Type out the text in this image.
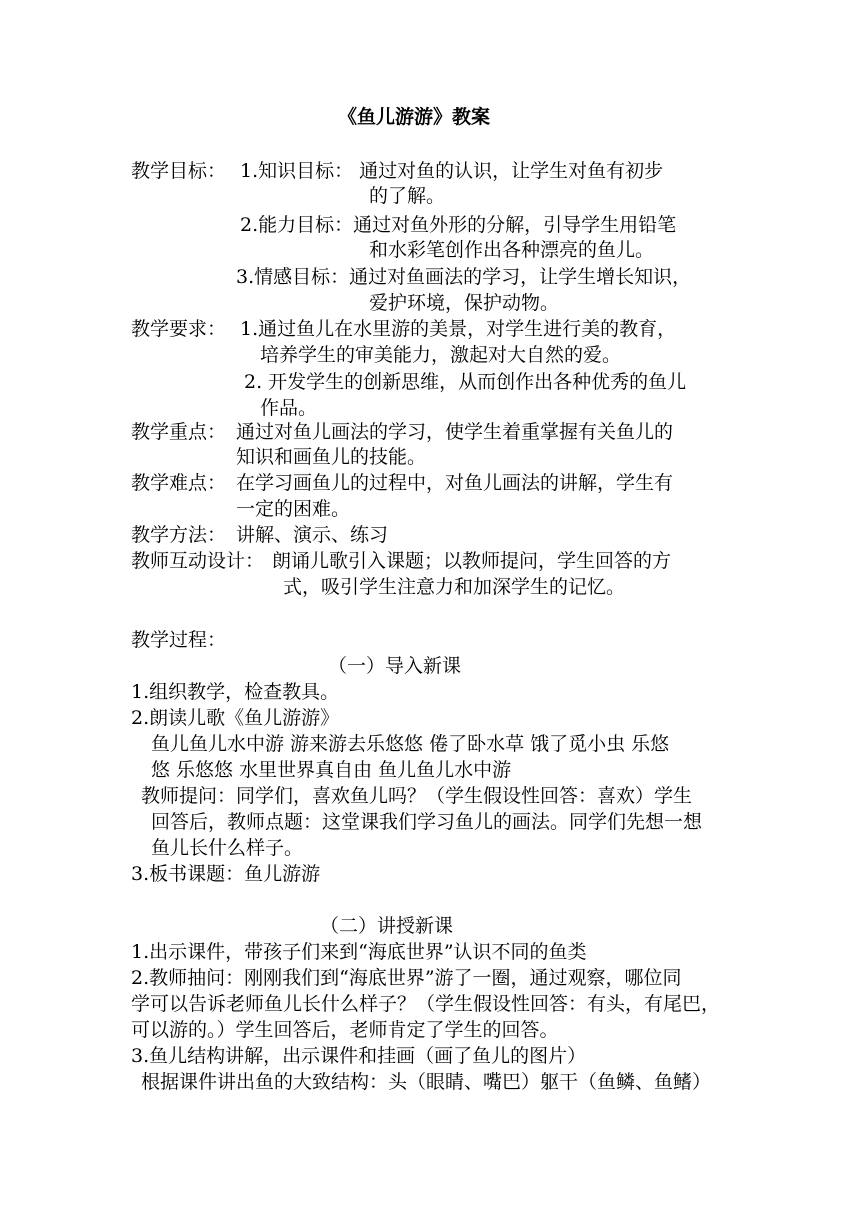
《鱼儿游游》教案
教学目标： 1.知识目标： 通过对鱼的认识，让学生对鱼有初步
的了解。
2.能力目标：通过对鱼外形的分解，引导学生用铅笔
和水彩笔创作出各种漂亮的鱼儿。
3.情感目标：通过对鱼画法的学习，让学生增长知识，
爱护环境，保护动物。
教学要求： 1.通过鱼儿在水里游的美景，对学生进行美的教育，
培养学生的审美能力，激起对大自然的爱。
2. 开发学生的创新思维，从而创作出各种优秀的鱼儿
作品。
教学重点： 通过对鱼儿画法的学习，使学生着重掌握有关鱼儿的
知识和画鱼儿的技能。
教学难点： 在学习画鱼儿的过程中，对鱼儿画法的讲解，学生有
一定的困难。
教学方法： 讲解、演示、练习
教师互动设计： 朗诵儿歌引入课题；以教师提问，学生回答的方
式，吸引学生注意力和加深学生的记忆。
教学过程：
（一）导入新课
1.组织教学，检查教具。
2.朗读儿歌《鱼儿游游》
鱼儿鱼儿水中游 游来游去乐悠悠 倦了卧水草 饿了觅小虫 乐悠
悠 乐悠悠 水里世界真自由 鱼儿鱼儿水中游
教师提问：同学们，喜欢鱼儿吗？（学生假设性回答：喜欢）学生
回答后，教师点题：这堂课我们学习鱼儿的画法。同学们先想一想
鱼儿长什么样子。
3.板书课题：鱼儿游游
（二）讲授新课
1.出示课件，带孩子们来到“海底世界”认识不同的鱼类
2.教师抽问：刚刚我们到“海底世界”游了一圈，通过观察，哪位同
学可以告诉老师鱼儿长什么样子？（学生假设性回答：有头，有尾巴，
可以游的。）学生回答后，老师肯定了学生的回答。
3.鱼儿结构讲解，出示课件和挂画（画了鱼儿的图片）
根据课件讲出鱼的大致结构：头（眼睛、嘴巴）躯干（鱼鳞、鱼鳍）
